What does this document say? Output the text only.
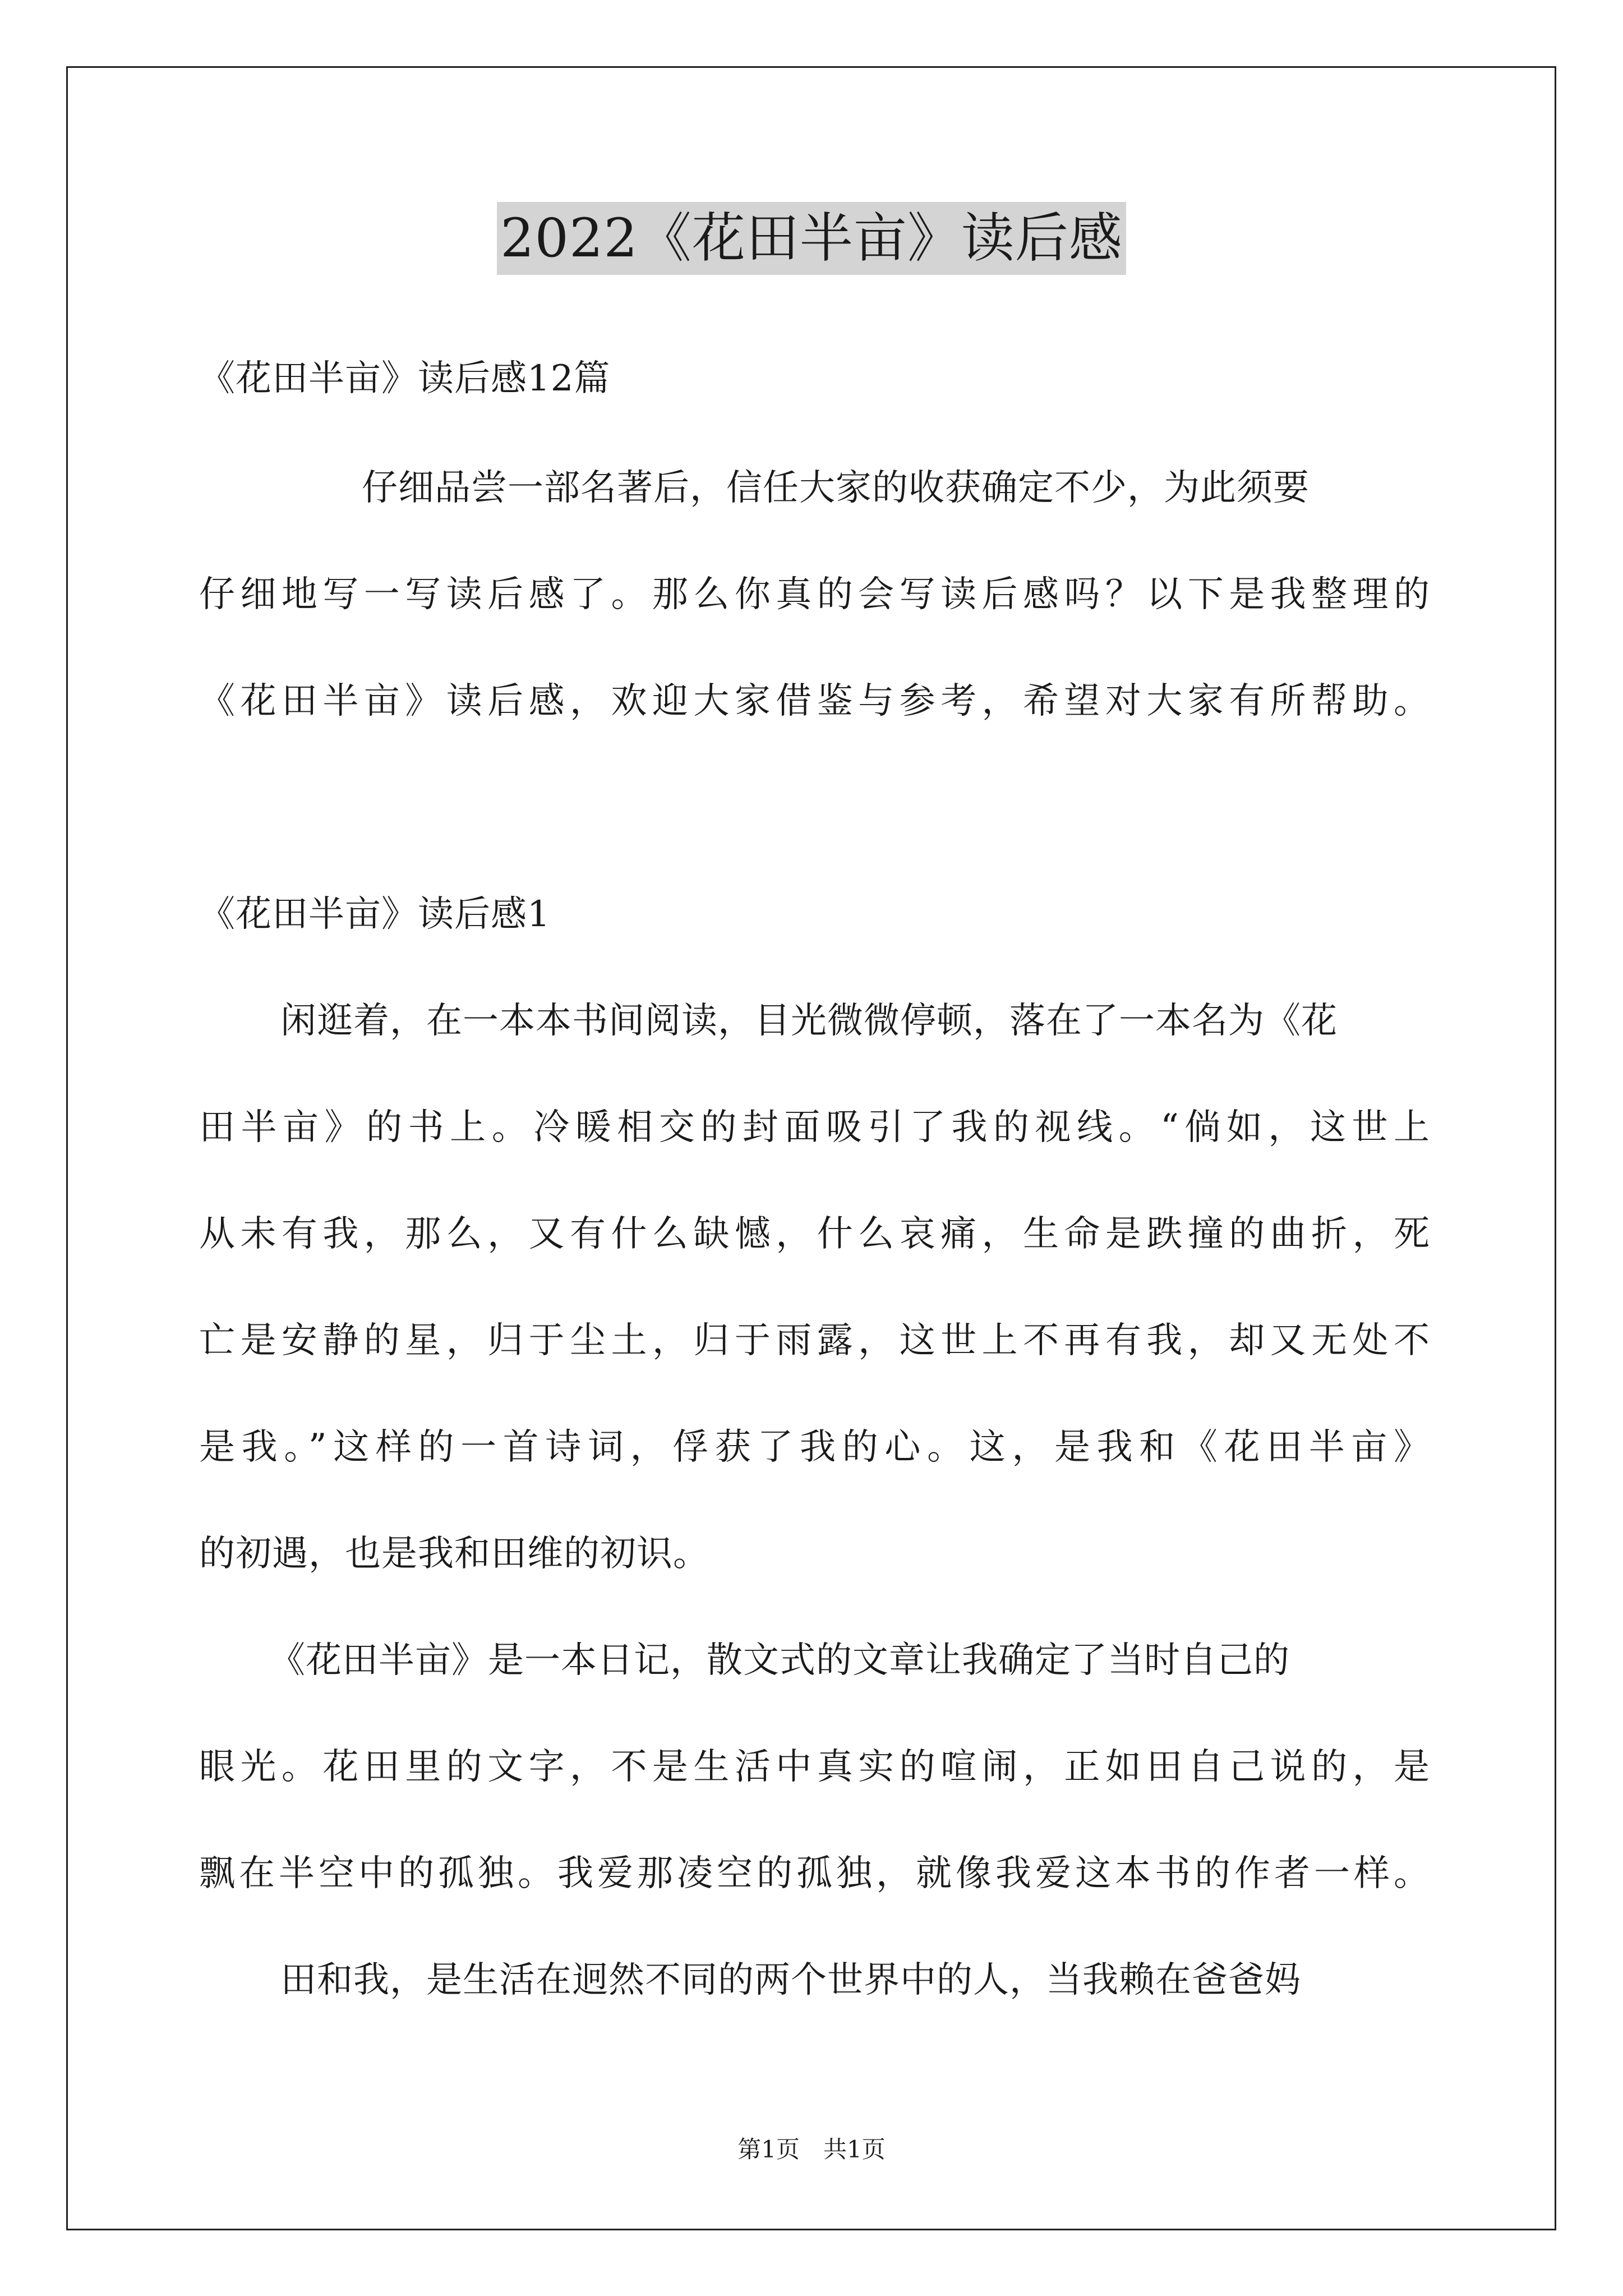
2022《花田半亩》读后感
《花田半亩》读后感12篇
仔细品尝一部名著后，信任大家的收获确定不少，为此须要
仔细地写一写读后感了。那么你真的会写读后感吗？以下是我整理的
《花田半亩》读后感，欢迎大家借鉴与参考，希望对大家有所帮助。
《花田半亩》读后感1
闲逛着，在一本本书间阅读，目光微微停顿，落在了一本名为《花
田半亩》的书上。冷暖相交的封面吸引了我的视线。“倘如，这世上
从未有我，那么，又有什么缺憾，什么哀痛，生命是跌撞的曲折，死
亡是安静的星，归于尘土，归于雨露，这世上不再有我，却又无处不
是我。”这样的一首诗词，俘获了我的心。这，是我和《花田半亩》
的初遇，也是我和田维的初识。
《花田半亩》是一本日记，散文式的文章让我确定了当时自己的
眼光。花田里的文字，不是生活中真实的喧闹，正如田自己说的，是
飘在半空中的孤独。我爱那凌空的孤独，就像我爱这本书的作者一样。
田和我，是生活在迥然不同的两个世界中的人，当我赖在爸爸妈
第1页　共1页
